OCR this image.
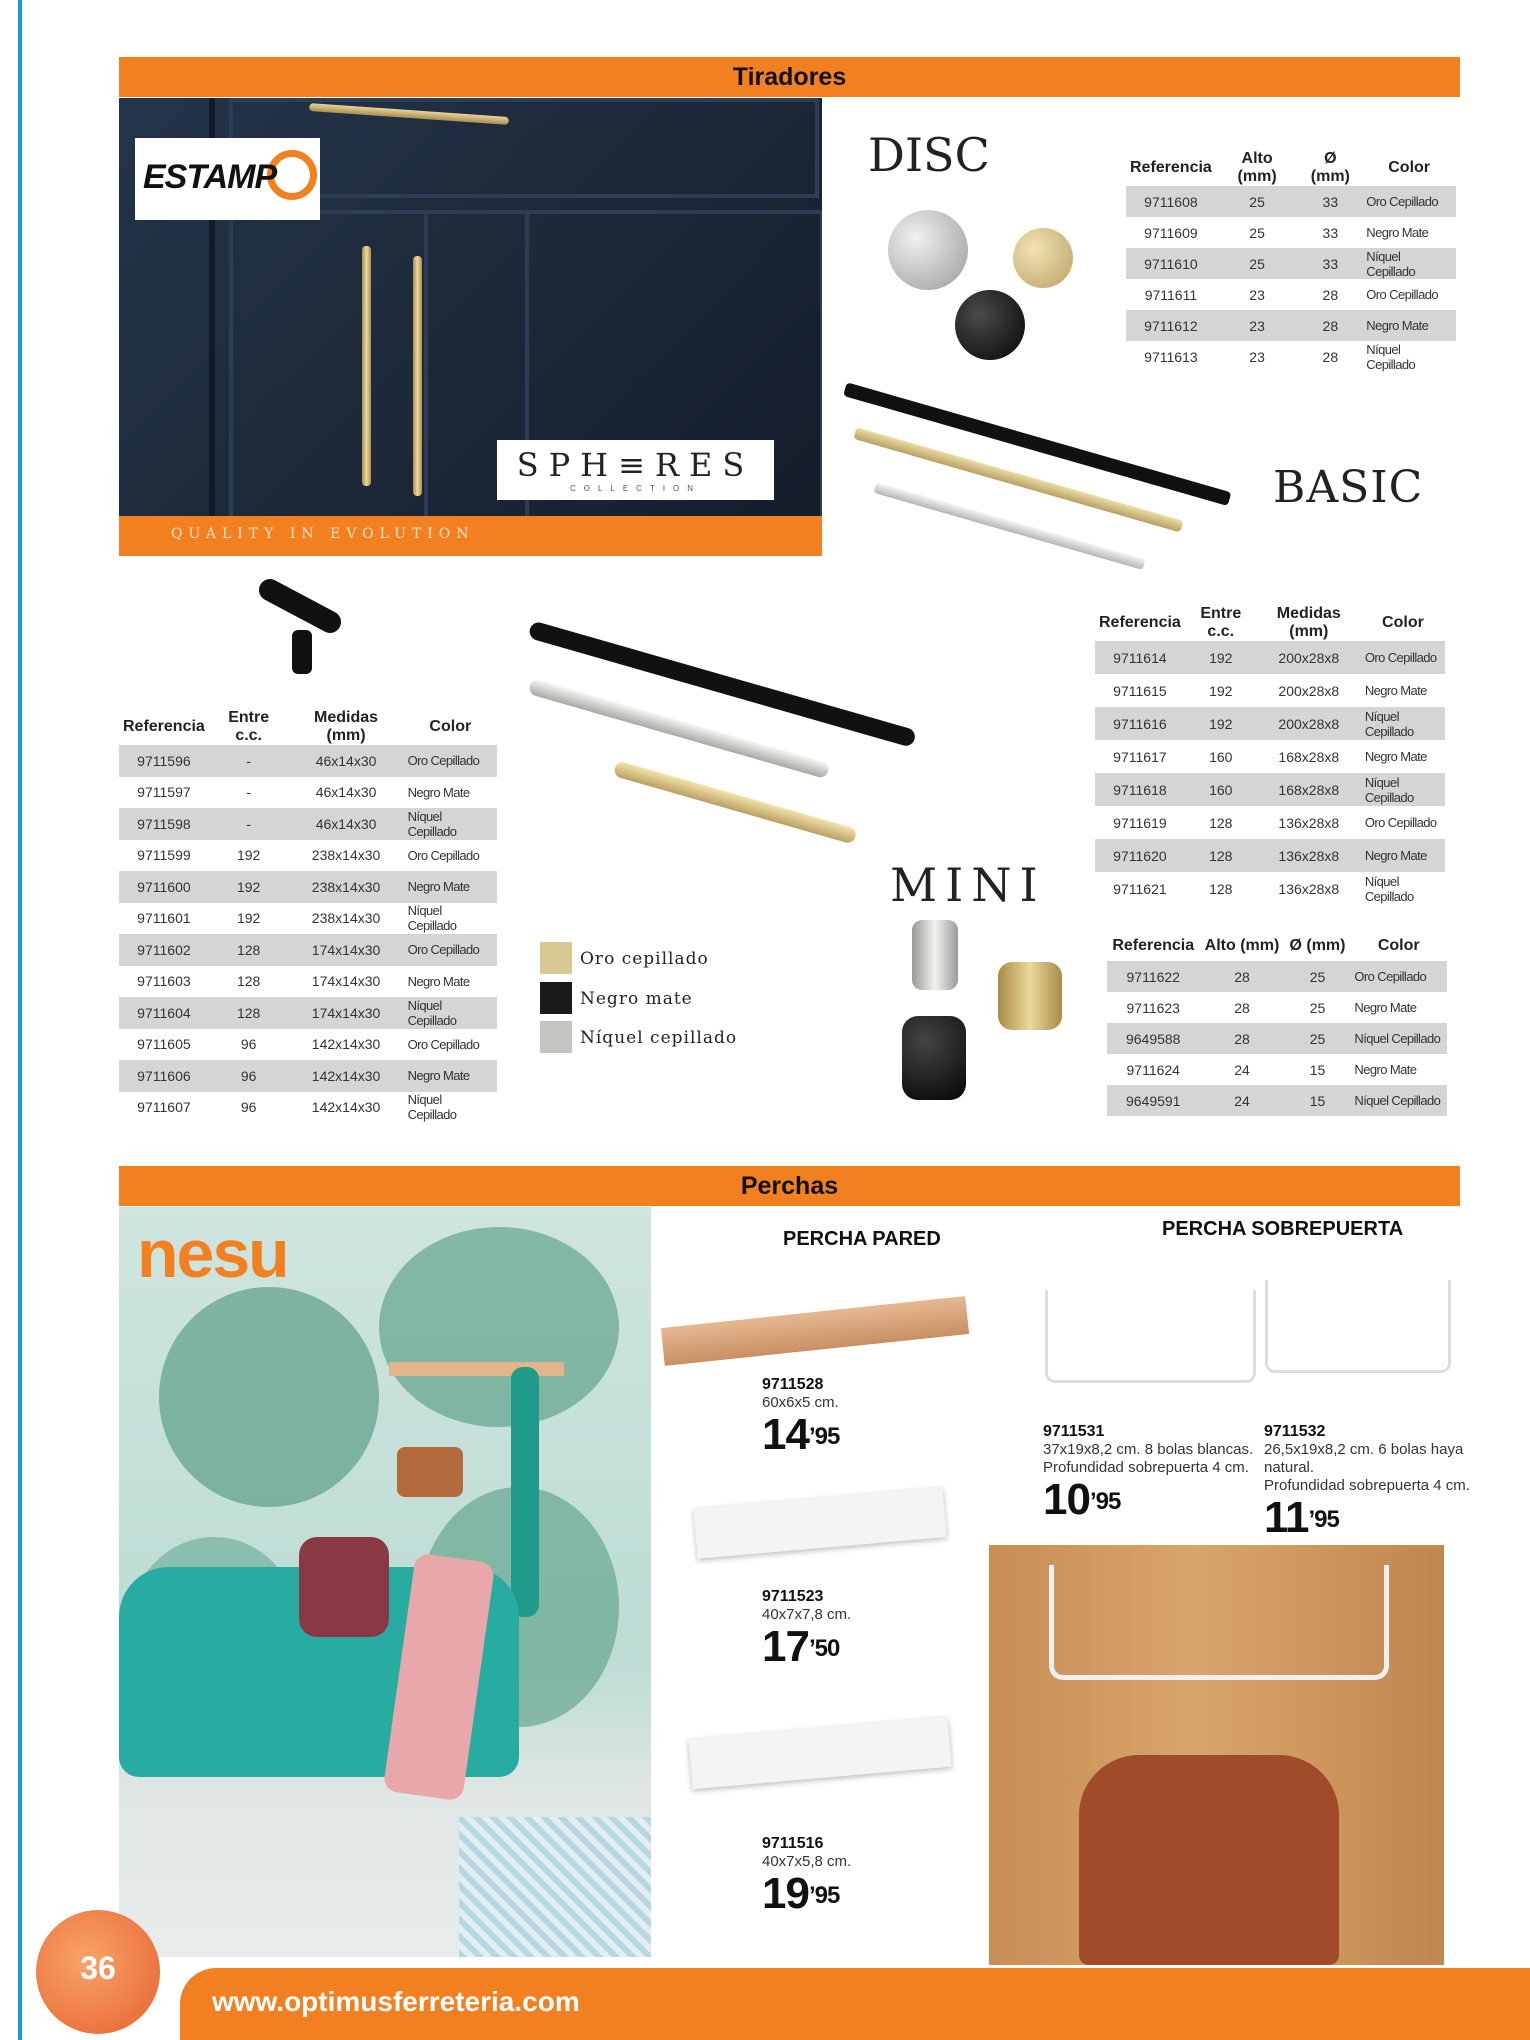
Tiradores
ESTAMP
SPH≡RES
COLLECTION
QUALITY IN EVOLUTION
DISC	Referencia	Alto (mm)	Ø (mm)	Color
9711608	25	33	Oro Cepillado
9711609	25	33	Negro Mate
9711610	25	33	Níquel Cepillado
9711611	23	28	Oro Cepillado
9711612	23	28	Negro Mate
9711613	23	28	Níquel Cepillado
BASIC
Referencia	Entre c.c.	Medidas (mm)	Color
9711614	192	200x28x8	Oro Cepillado
9711615	192	200x28x8	Negro Mate
9711616	192	200x28x8	Níquel Cepillado
9711617	160	168x28x8	Negro Mate
9711618	160	168x28x8	Níquel Cepillado
9711619	128	136x28x8	Oro Cepillado
9711620	128	136x28x8	Negro Mate
9711621	128	136x28x8	Níquel Cepillado
Referencia	Entre c.c.	Medidas (mm)	Color
9711596	-	46x14x30	Oro Cepillado
9711597	-	46x14x30	Negro Mate
9711598	-	46x14x30	Níquel Cepillado
9711599	192	238x14x30	Oro Cepillado
9711600	192	238x14x30	Negro Mate
9711601	192	238x14x30	Níquel Cepillado
9711602	128	174x14x30	Oro Cepillado
9711603	128	174x14x30	Negro Mate
9711604	128	174x14x30	Níquel Cepillado
9711605	96	142x14x30	Oro Cepillado
9711606	96	142x14x30	Negro Mate
9711607	96	142x14x30	Níquel Cepillado
Oro cepillado
Negro mate
Níquel cepillado
MINI
Referencia	Alto (mm)	Ø (mm)	Color
9711622	28	25	Oro Cepillado
9711623	28	25	Negro Mate
9649588	28	25	Níquel Cepillado
9711624	24	15	Negro Mate
9649591	24	15	Níquel Cepillado
Perchas
nesu	PERCHA PARED
9711528
60x6x5 cm.
$14^{’95}$
9711523
40x7x7,8 cm.
$17^{’50}$
9711516
40x7x5,8 cm.
$19^{’95}$
PERCHA SOBREPUERTA
9711531
37x19x8,2 cm. 8 bolas blancas.
Profundidad sobrepuerta 4 cm.
$10^{’95}$
9711532
26,5x19x8,2 cm. 6 bolas haya
natural.
Profundidad sobrepuerta 4 cm.
$11^{’95}$
www.optimusferreteria.com
36
